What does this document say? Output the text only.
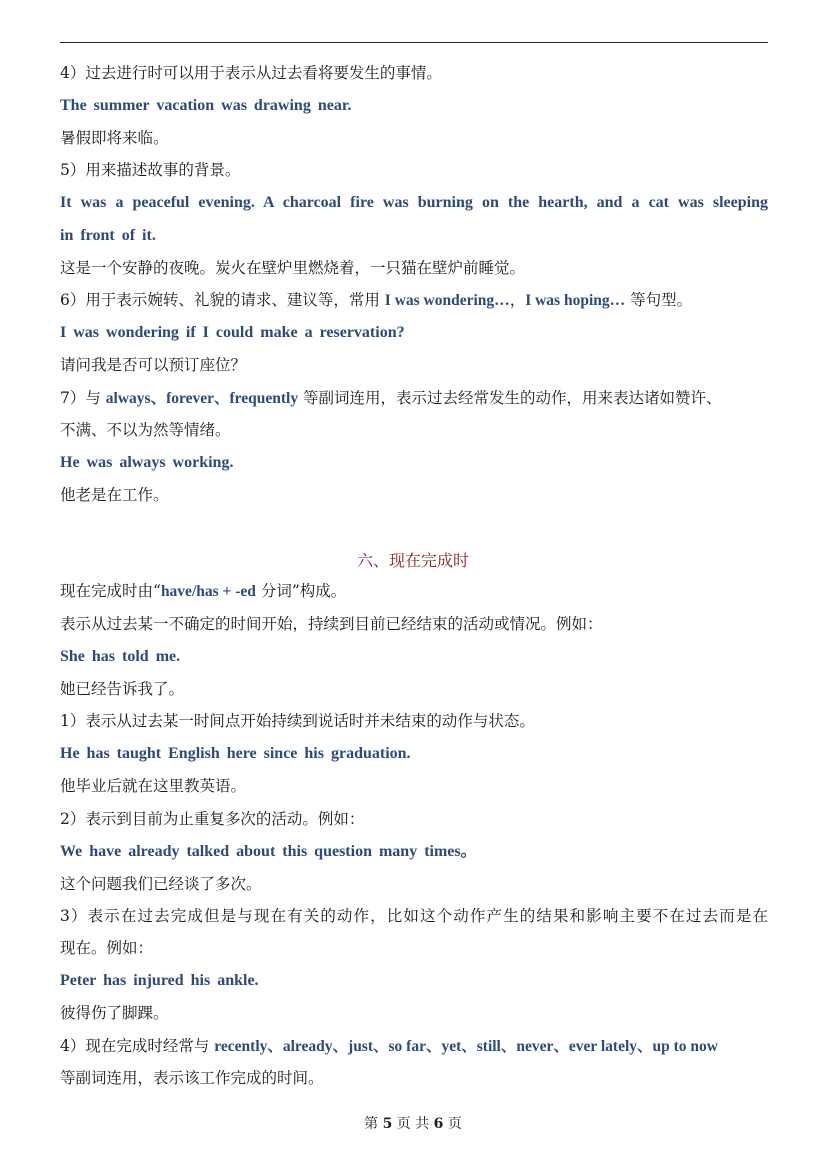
4）过去进行时可以用于表示从过去看将要发生的事情。
The summer vacation was drawing near.
暑假即将来临。
5）用来描述故事的背景。
It was a peaceful evening. A charcoal fire was burning on the hearth, and a cat was sleeping
in front of it.
这是一个安静的夜晚。炭火在壁炉里燃烧着，一只猫在壁炉前睡觉。
6）用于表示婉转、礼貌的请求、建议等，常用 I was wondering…，I was hoping… 等句型。
I was wondering if I could make a reservation?
请问我是否可以预订座位？
7）与 always、forever、frequently 等副词连用，表示过去经常发生的动作，用来表达诸如赞许、
不满、不以为然等情绪。
He was always working.
他老是在工作。
六、现在完成时
现在完成时由“have/has + -ed 分词”构成。
表示从过去某一不确定的时间开始，持续到目前已经结束的活动或情况。例如：
She has told me.
她已经告诉我了。
1）表示从过去某一时间点开始持续到说话时并未结束的动作与状态。
He has taught English here since his graduation.
他毕业后就在这里教英语。
2）表示到目前为止重复多次的活动。例如：
We have already talked about this question many times。
这个问题我们已经谈了多次。
3）表示在过去完成但是与现在有关的动作，比如这个动作产生的结果和影响主要不在过去而是在
现在。例如：
Peter has injured his ankle.
彼得伤了脚踝。
4）现在完成时经常与 recently、already、just、so far、yet、still、never、ever lately、up to now
等副词连用，表示该工作完成的时间。
第 5 页 共 6 页
